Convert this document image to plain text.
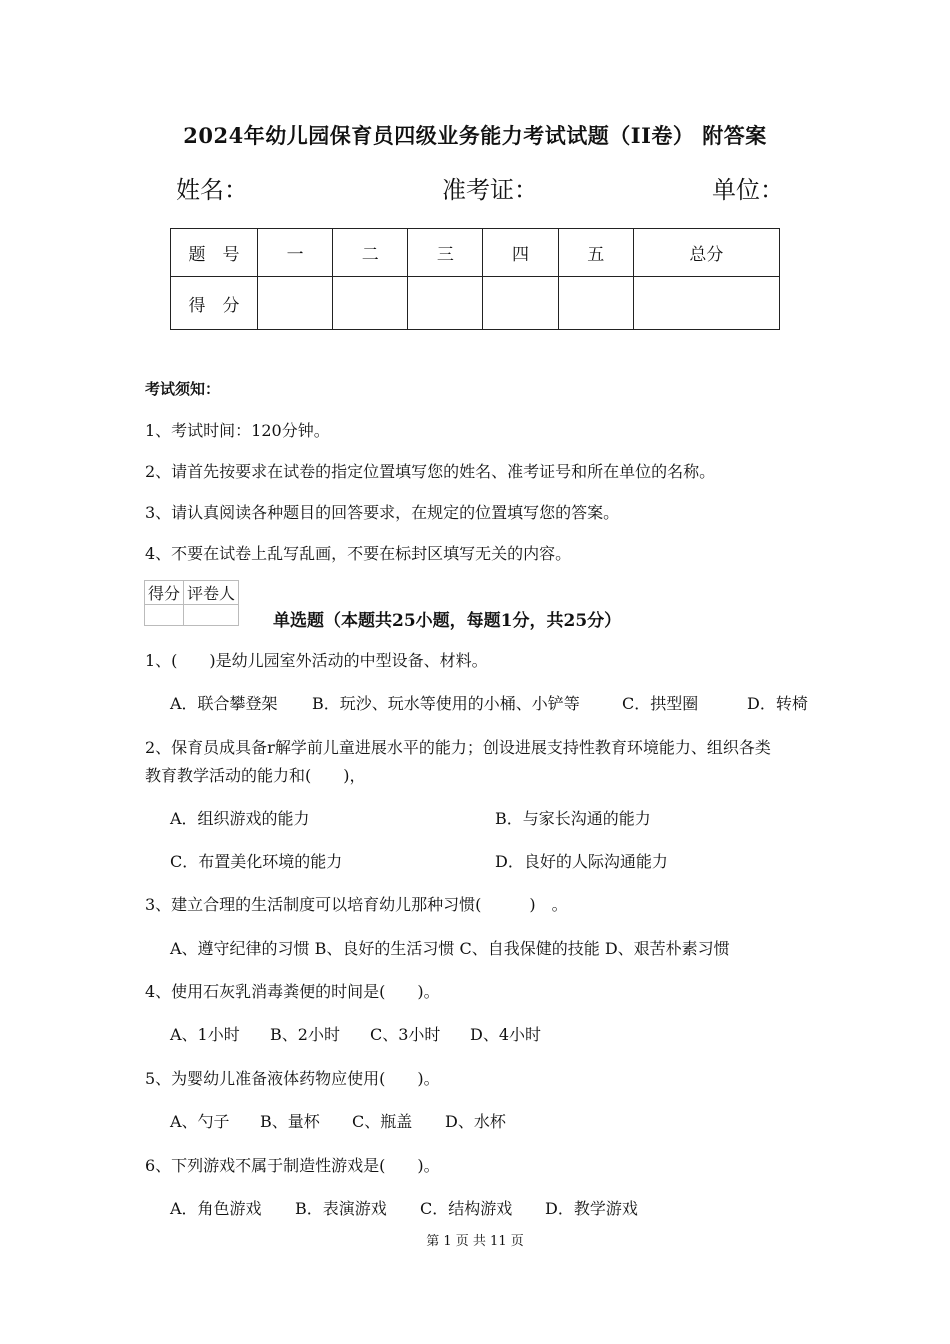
2024年幼儿园保育员四级业务能力考试试题（II卷） 附答案
姓名：	准考证：	单位：
题　号	一	二	三	四	五	总分
得　分						
考试须知：
1、考试时间：120分钟。
2、请首先按要求在试卷的指定位置填写您的姓名、准考证号和所在单位的名称。
3、请认真阅读各种题目的回答要求，在规定的位置填写您的答案。
4、不要在试卷上乱写乱画，不要在标封区填写无关的内容。
得分	评卷人

单选题（本题共25小题，每题1分，共25分）
1、(　　)是幼儿园室外活动的中型设备、材料。
A．联合攀登架 B．玩沙、玩水等使用的小桶、小铲等	C．拱型圈	D．转椅
2、保育员成具备r解学前儿童进展水平的能力；创设进展支持性教育环境能力、组织各类
教育教学活动的能力和(　　)，
A．组织游戏的能力	B．与家长沟通的能力
C．布置美化环境的能力	D．良好的人际沟通能力
3、建立合理的生活制度可以培育幼儿那种习惯(　　　)　。
A、遵守纪律的习惯 B、良好的生活习惯 C、自我保健的技能 D、艰苦朴素习惯
4、使用石灰乳消毒粪便的时间是(　　)。
A、1小时 B、2小时 C、3小时 D、4小时
5、为婴幼儿准备液体药物应使用(　　)。
A、勺子 B、量杯 C、瓶盖 D、水杯
6、下列游戏不属于制造性游戏是(　　)。
A．角色游戏 B．表演游戏 C．结构游戏 D．教学游戏
第 1 页 共 11 页
